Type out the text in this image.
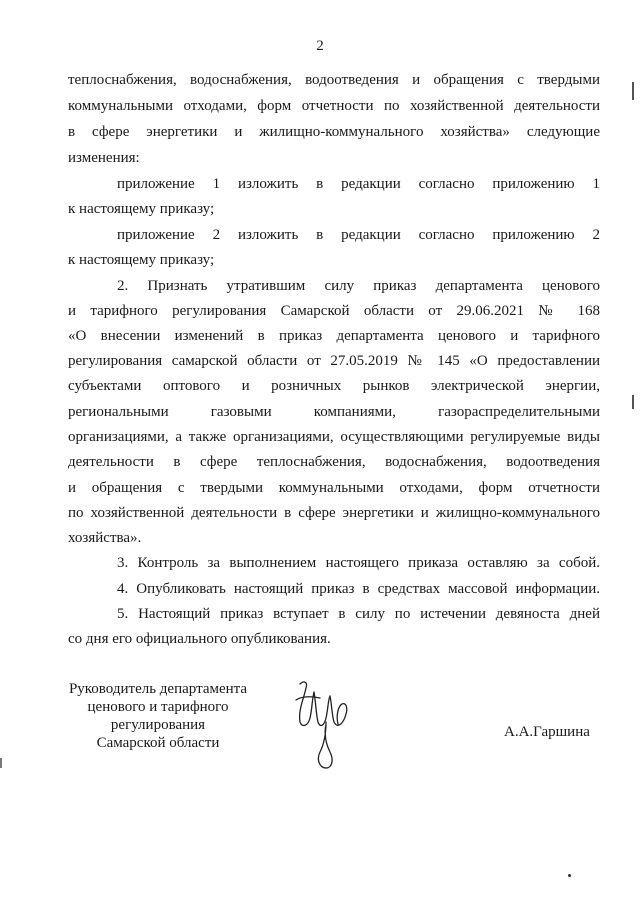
2
теплоснабжения, водоснабжения, водоотведения и обращения с твердыми
коммунальными отходами, форм отчетности по хозяйственной деятельности
в сфере энергетики и жилищно-коммунального хозяйства» следующие
изменения:
приложение 1 изложить в редакции согласно приложению 1
к настоящему приказу;
приложение 2 изложить в редакции согласно приложению 2
к настоящему приказу;
2. Признать утратившим силу приказ департамента ценового
и тарифного регулирования Самарской области от 29.06.2021 № 168
«О внесении изменений в приказ департамента ценового и тарифного
регулирования самарской области от 27.05.2019 № 145 «О предоставлении
субъектами оптового и розничных рынков электрической энергии,
региональными газовыми компаниями, газораспределительными
организациями, а также организациями, осуществляющими регулируемые виды
деятельности в сфере теплоснабжения, водоснабжения, водоотведения
и обращения с твердыми коммунальными отходами, форм отчетности
по хозяйственной деятельности в сфере энергетики и жилищно-коммунального
хозяйства».
3. Контроль за выполнением настоящего приказа оставляю за собой.
4. Опубликовать настоящий приказ в средствах массовой информации.
5. Настоящий приказ вступает в силу по истечении девяноста дней
со дня его официального опубликования.
Руководитель департамента
ценового и тарифного
регулирования
Самарской области
А.А.Гаршина
